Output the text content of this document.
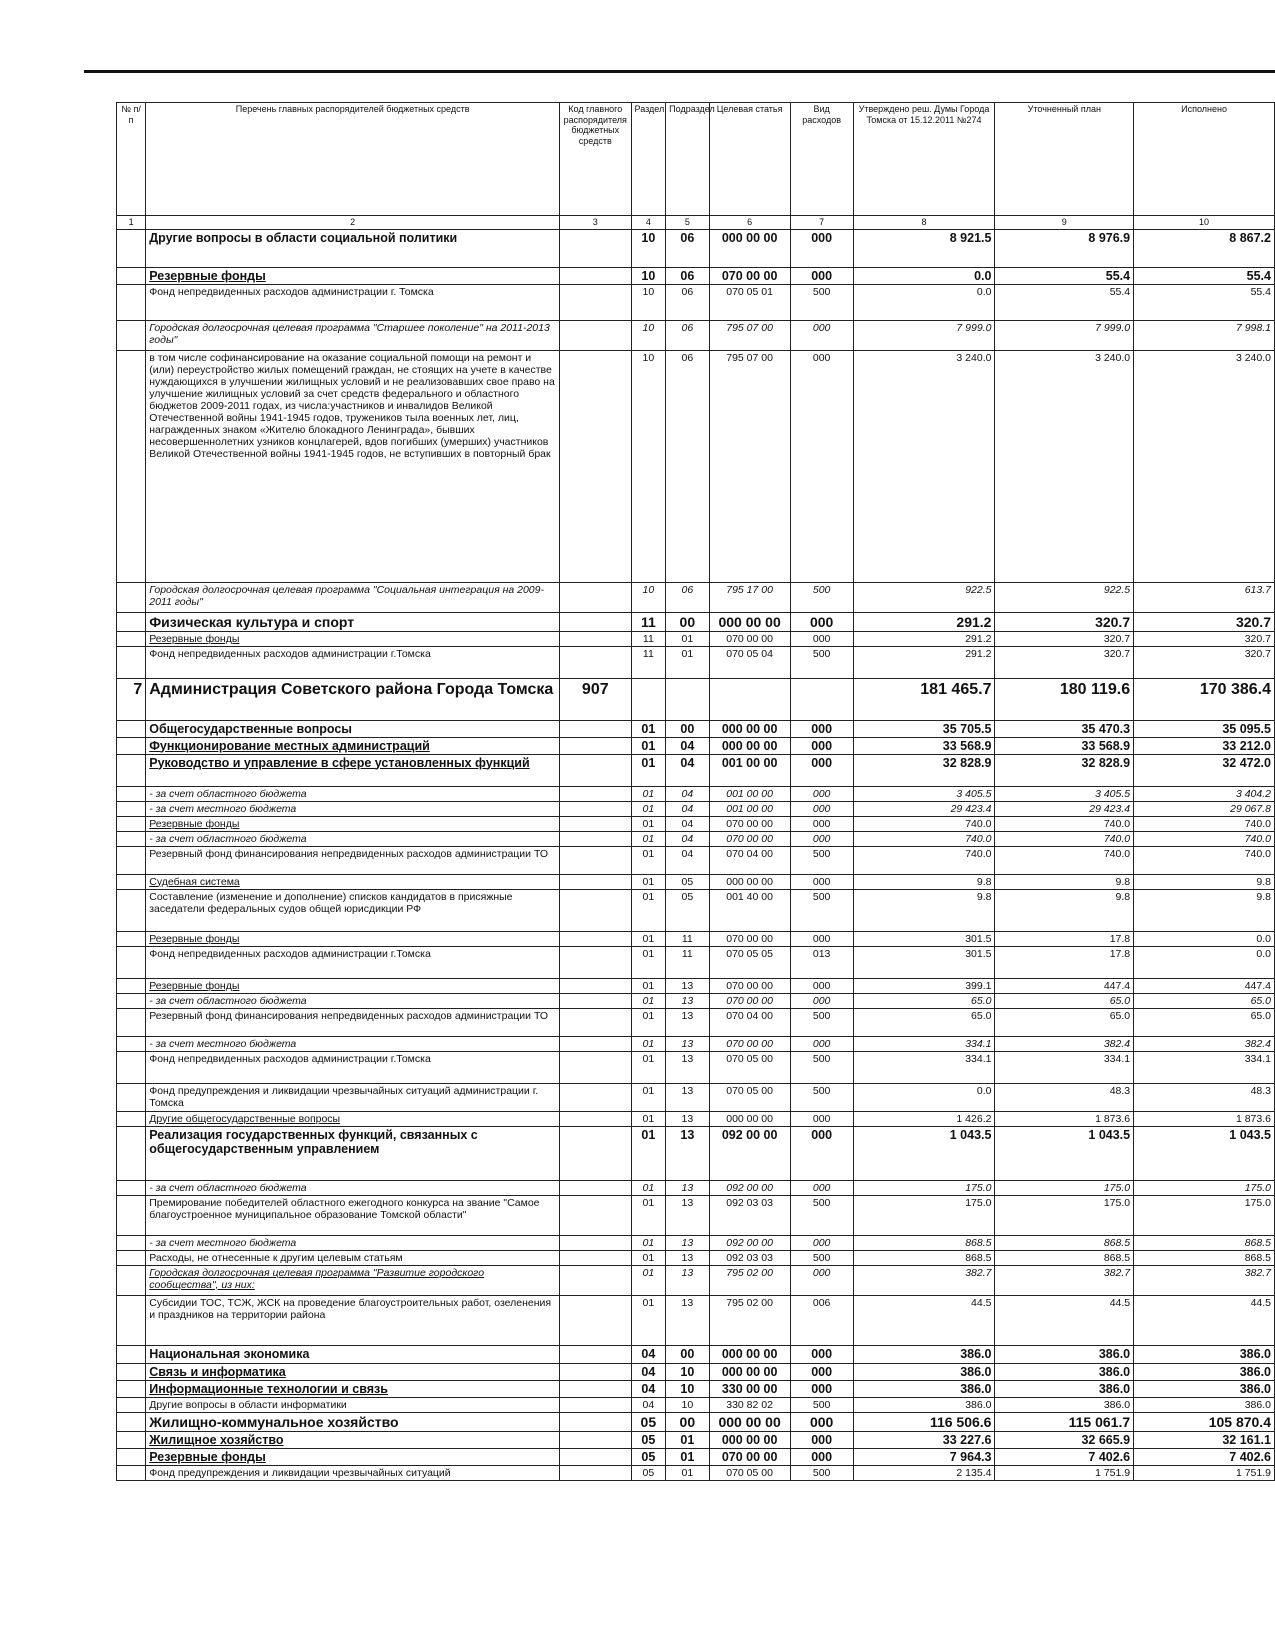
№ п/п	Перечень главных распорядителей бюджетных средств	Код главного распорядителя бюджетных средств	Раздел	Подраздел	Целевая статья	Вид расходов	Утверждено реш. Думы Города Томска от 15.12.2011 №274	Уточненный план	Исполнено
1	2	3	4	5	6	7	8	9	10
	Другие вопросы в области социальной политики		10	06	000 00 00	000	8 921.5	8 976.9	8 867.2
	Резервные фонды		10	06	070 00 00	000	0.0	55.4	55.4
	Фонд непредвиденных расходов администрации г. Томска		10	06	070 05 01	500	0.0	55.4	55.4
	Городская долгосрочная целевая программа "Старшее поколение" на 2011-2013 годы"		10	06	795 07 00	000	7 999.0	7 999.0	7 998.1
	в том числе софинансирование на оказание социальной помощи на ремонт и (или) переустройство жилых помещений граждан, не стоящих на учете в качестве нуждающихся в улучшении жилищных условий и не реализовавших свое право на улучшение жилищных условий за счет средств федерального и областного бюджетов 2009-2011 годах, из числа:участников и инвалидов Великой Отечественной войны 1941-1945 годов, тружеников тыла военных лет, лиц, награжденных знаком «Жителю блокадного Ленинграда», бывших несовершеннолетних узников концлагерей, вдов погибших (умерших) участников Великой Отечественной войны 1941-1945 годов, не вступивших в повторный брак		10	06	795 07 00	000	3 240.0	3 240.0	3 240.0
	Городская долгосрочная целевая программа "Социальная интеграция на 2009-2011 годы"		10	06	795 17 00	500	922.5	922.5	613.7
	Физическая культура и спорт		11	00	000 00 00	000	291.2	320.7	320.7
	Резервные фонды		11	01	070 00 00	000	291.2	320.7	320.7
	Фонд непредвиденных расходов администрации г.Томска		11	01	070 05 04	500	291.2	320.7	320.7
7	Администрация Советского района Города Томска	907					181 465.7	180 119.6	170 386.4
	Общегосударственные вопросы		01	00	000 00 00	000	35 705.5	35 470.3	35 095.5
	Функционирование местных администраций		01	04	000 00 00	000	33 568.9	33 568.9	33 212.0
	Руководство и управление в сфере установленных функций		01	04	001 00 00	000	32 828.9	32 828.9	32 472.0
	- за счет областного бюджета		01	04	001 00 00	000	3 405.5	3 405.5	3 404.2
	- за счет местного бюджета		01	04	001 00 00	000	29 423.4	29 423.4	29 067.8
	Резервные фонды		01	04	070 00 00	000	740.0	740.0	740.0
	- за счет областного бюджета		01	04	070 00 00	000	740.0	740.0	740.0
	Резервный фонд финансирования непредвиденных расходов администрации ТО		01	04	070 04 00	500	740.0	740.0	740.0
	Судебная система		01	05	000 00 00	000	9.8	9.8	9.8
	Составление (изменение и дополнение) списков кандидатов в присяжные заседатели федеральных судов общей юрисдикции РФ		01	05	001 40 00	500	9.8	9.8	9.8
	Резервные фонды		01	11	070 00 00	000	301.5	17.8	0.0
	Фонд непредвиденных расходов администрации г.Томска		01	11	070 05 05	013	301.5	17.8	0.0
	Резервные фонды		01	13	070 00 00	000	399.1	447.4	447.4
	- за счет областного бюджета		01	13	070 00 00	000	65.0	65.0	65.0
	Резервный фонд финансирования непредвиденных расходов администрации ТО		01	13	070 04 00	500	65.0	65.0	65.0
	- за счет местного бюджета		01	13	070 00 00	000	334.1	382.4	382.4
	Фонд непредвиденных расходов администрации г.Томска		01	13	070 05 00	500	334.1	334.1	334.1
	Фонд предупреждения и ликвидации чрезвычайных ситуаций администрации г. Томска		01	13	070 05 00	500	0.0	48.3	48.3
	Другие общегосударственные вопросы		01	13	000 00 00	000	1 426.2	1 873.6	1 873.6
	Реализация государственных функций, связанных с общегосударственным управлением		01	13	092 00 00	000	1 043.5	1 043.5	1 043.5
	- за счет областного бюджета		01	13	092 00 00	000	175.0	175.0	175.0
	Премирование победителей областного ежегодного конкурса на звание "Самое благоустроенное муниципальное образование Томской области"		01	13	092 03 03	500	175.0	175.0	175.0
	- за счет местного бюджета		01	13	092 00 00	000	868.5	868.5	868.5
	Расходы, не отнесенные к другим целевым статьям		01	13	092 03 03	500	868.5	868.5	868.5
	Городская долгосрочная целевая программа "Развитие городского сообщества", из них:		01	13	795 02 00	000	382.7	382.7	382.7
	Субсидии ТОС, ТСЖ, ЖСК на проведение благоустроительных работ, озеленения и праздников на территории района		01	13	795 02 00	006	44.5	44.5	44.5
	Национальная экономика		04	00	000 00 00	000	386.0	386.0	386.0
	Связь и информатика		04	10	000 00 00	000	386.0	386.0	386.0
	Информационные технологии и связь		04	10	330 00 00	000	386.0	386.0	386.0
	Другие вопросы в области информатики		04	10	330 82 02	500	386.0	386.0	386.0
	Жилищно-коммунальное хозяйство		05	00	000 00 00	000	116 506.6	115 061.7	105 870.4
	Жилищное хозяйство		05	01	000 00 00	000	33 227.6	32 665.9	32 161.1
	Резервные фонды		05	01	070 00 00	000	7 964.3	7 402.6	7 402.6
	Фонд предупреждения и ликвидации чрезвычайных ситуаций		05	01	070 05 00	500	2 135.4	1 751.9	1 751.9
